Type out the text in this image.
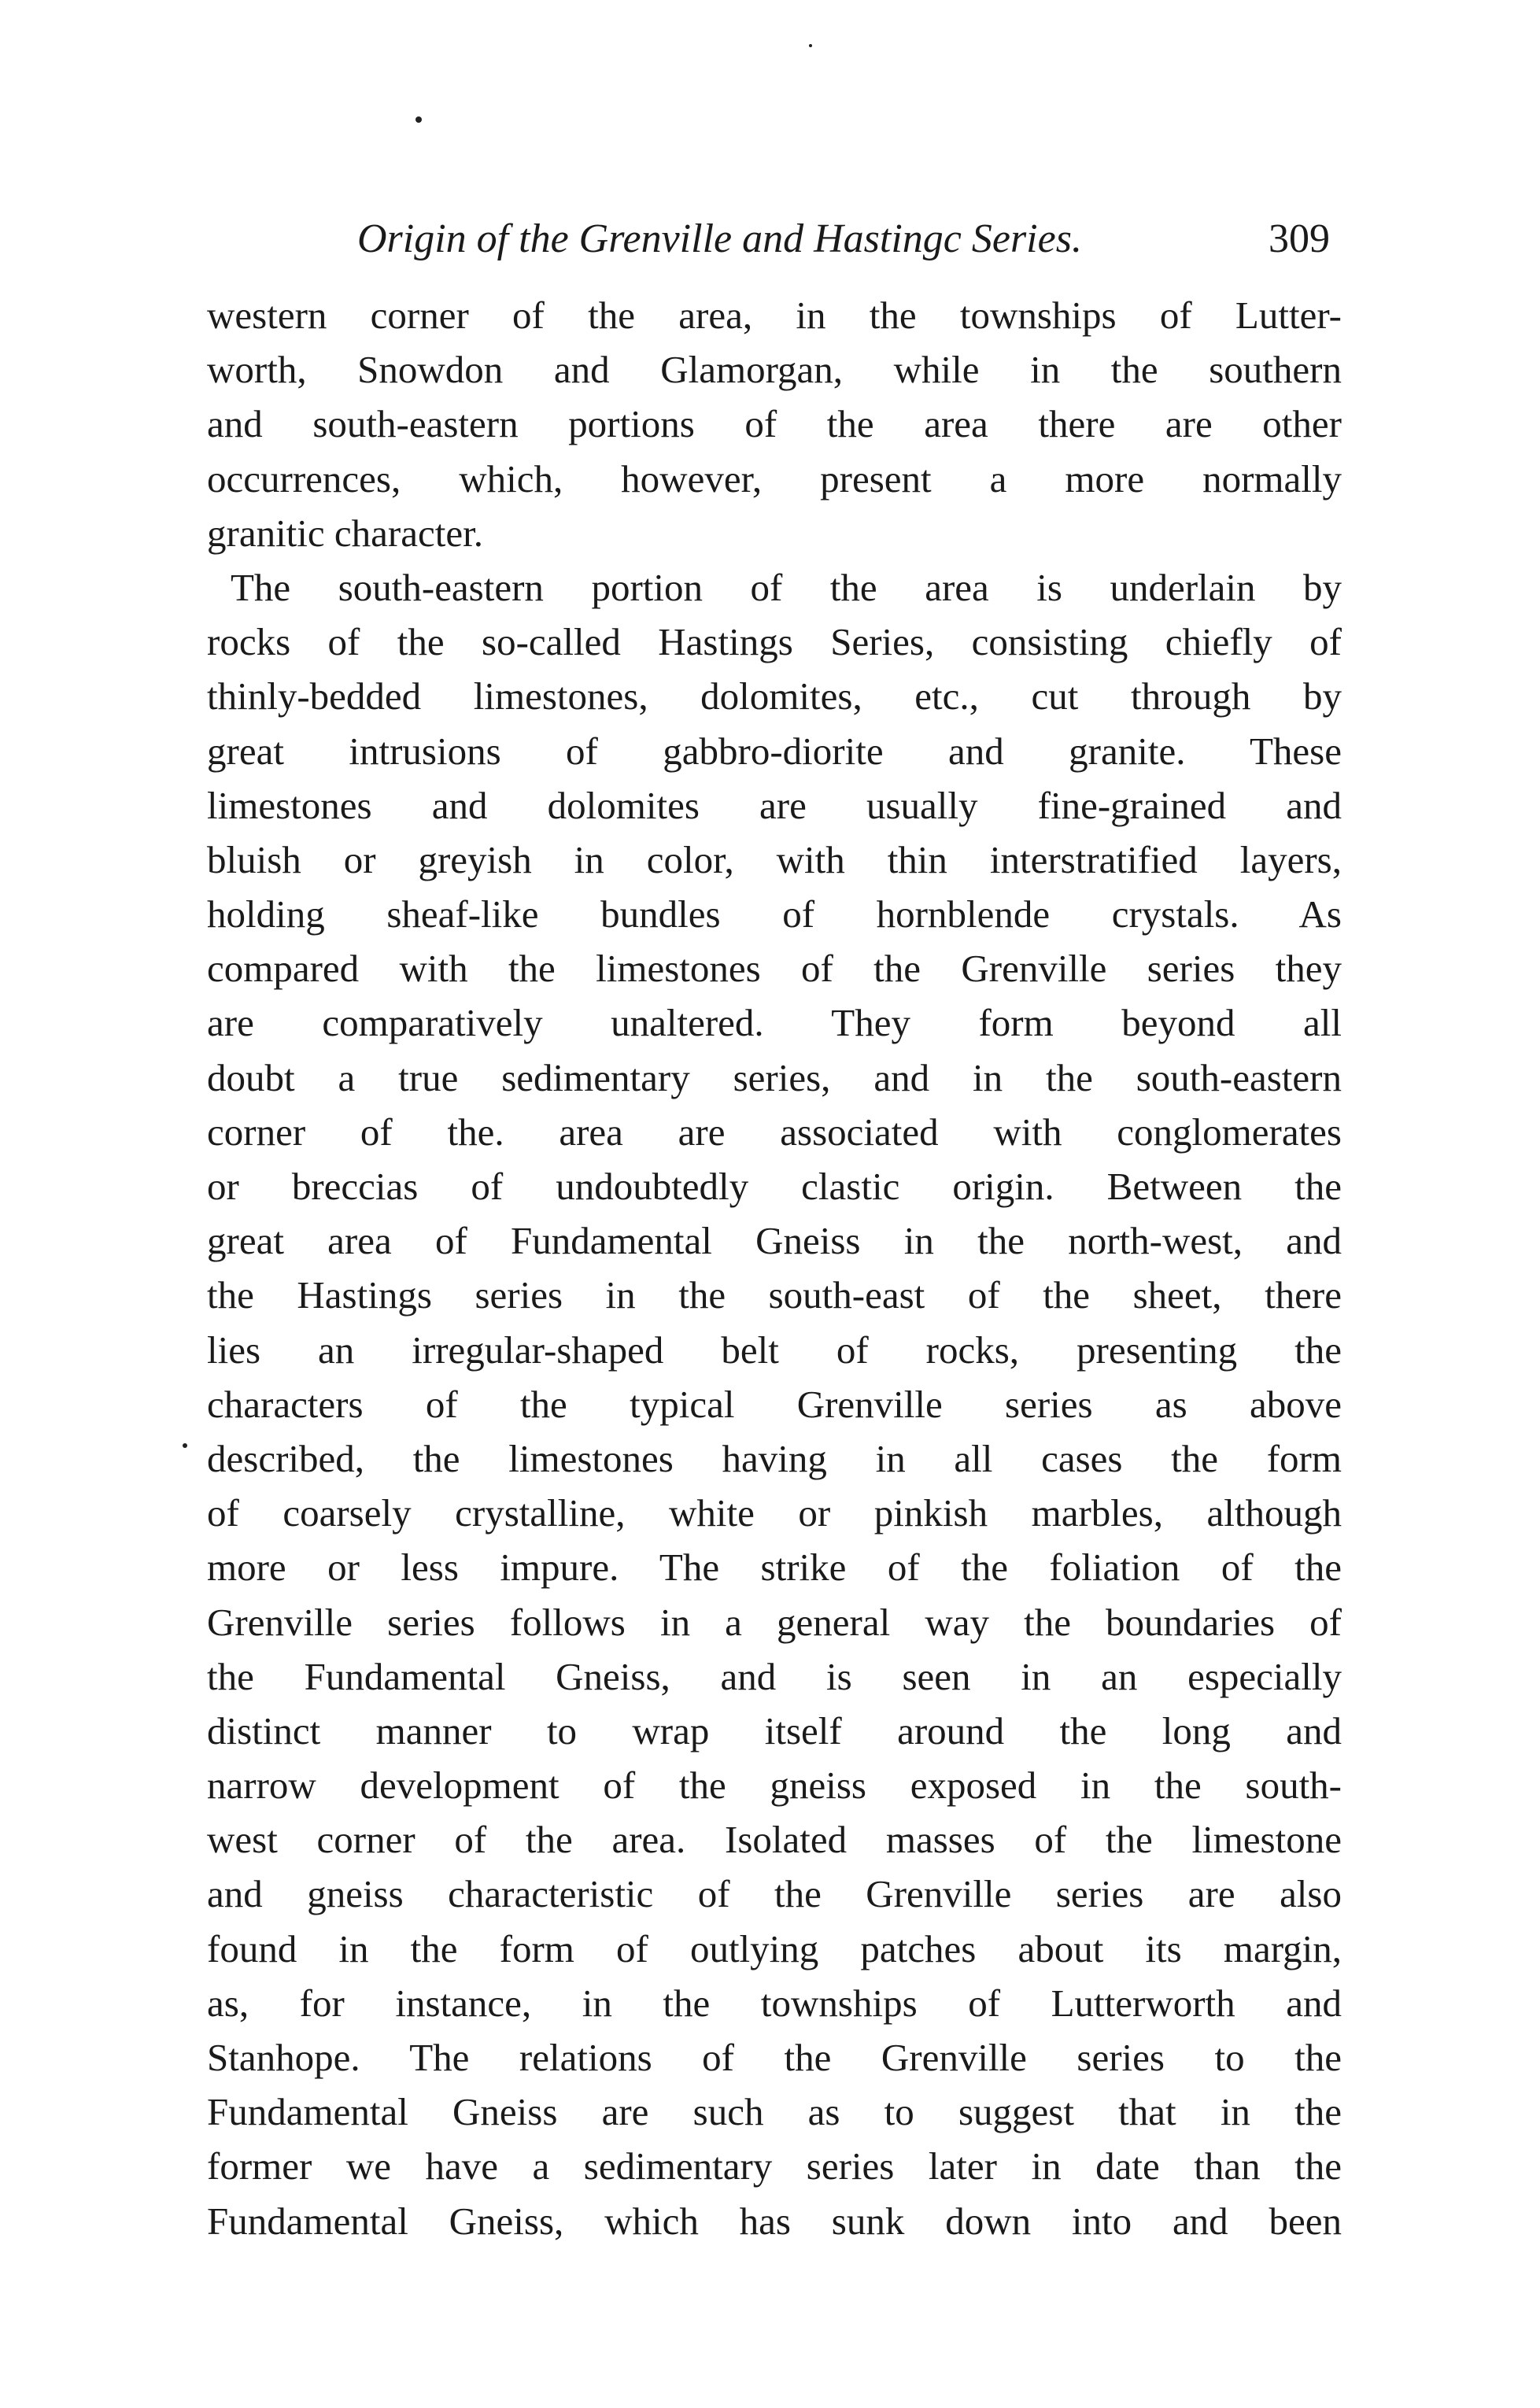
Origin of the Grenville and Hastingc Series.	309
western corner of the area, in the townships of Lutter-
worth, Snowdon and Glamorgan, while in the southern
and south-eastern portions of the area there are other
occurrences, which, however, present a more normally
granitic character.
The south-eastern portion of the area is underlain by
rocks of the so-called Hastings Series, consisting chiefly of
thinly-bedded limestones, dolomites, etc., cut through by
great intrusions of gabbro-diorite and granite. These
limestones and dolomites are usually fine-grained and
bluish or greyish in color, with thin interstratified layers,
holding sheaf-like bundles of hornblende crystals. As
compared with the limestones of the Grenville series they
are comparatively unaltered. They form beyond all
doubt a true sedimentary series, and in the south-eastern
corner of the. area are associated with conglomerates
or breccias of undoubtedly clastic origin. Between the
great area of Fundamental Gneiss in the north-west, and
the Hastings series in the south-east of the sheet, there
lies an irregular-shaped belt of rocks, presenting the
characters of the typical Grenville series as above
described, the limestones having in all cases the form
of coarsely crystalline, white or pinkish marbles, although
more or less impure. The strike of the foliation of the
Grenville series follows in a general way the boundaries of
the Fundamental Gneiss, and is seen in an especially
distinct manner to wrap itself around the long and
narrow development of the gneiss exposed in the south-
west corner of the area. Isolated masses of the limestone
and gneiss characteristic of the Grenville series are also
found in the form of outlying patches about its margin,
as, for instance, in the townships of Lutterworth and
Stanhope. The relations of the Grenville series to the
Fundamental Gneiss are such as to suggest that in the
former we have a sedimentary series later in date than the
Fundamental Gneiss, which has sunk down into and been
